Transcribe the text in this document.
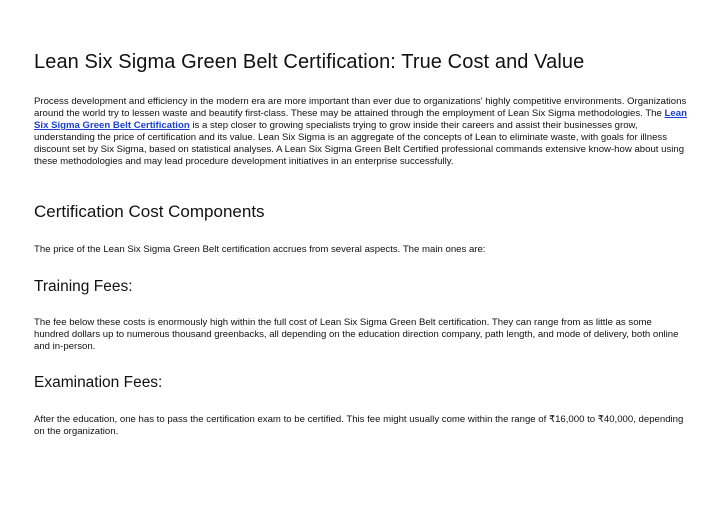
Lean Six Sigma Green Belt Certification: True Cost and Value

Process development and efficiency in the modern era are more important than ever due to organizations' highly competitive environments. Organizations around the world try to lessen waste and beautify first-class. These may be attained through the employment of Lean Six Sigma methodologies. The Lean Six Sigma Green Belt Certification is a step closer to growing specialists trying to grow inside their careers and assist their businesses grow, understanding the price of certification and its value. Lean Six Sigma is an aggregate of the concepts of Lean to eliminate waste, with goals for illness discount set by Six Sigma, based on statistical analyses. A Lean Six Sigma Green Belt Certified professional commands extensive know-how about using these methodologies and may lead procedure development initiatives in an enterprise successfully.

Certification Cost Components

The price of the Lean Six Sigma Green Belt certification accrues from several aspects. The main ones are:

Training Fees:

The fee below these costs is enormously high within the full cost of Lean Six Sigma Green Belt certification. They can range from as little as some hundred dollars up to numerous thousand greenbacks, all depending on the education direction company, path length, and mode of delivery, both online and in-person.

Examination Fees:

After the education, one has to pass the certification exam to be certified. This fee might usually come within the range of ₹16,000 to ₹40,000, depending on the organization.
